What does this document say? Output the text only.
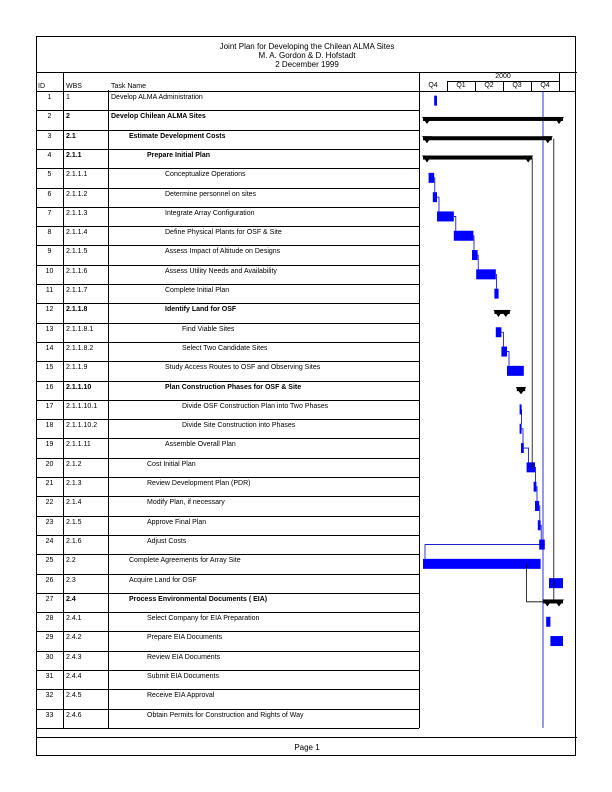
Joint Plan for Developing the Chilean ALMA Sites
M. A. Gordon & D. Hofstadt
2 December 1999
Page 1
ID	WBS	Task Name
2000
Q4	Q1	Q2	Q3	Q4
1	1	Develop ALMA Administration
2	2	Develop Chilean ALMA Sites
3	2.1	Estimate Development Costs
4	2.1.1	Prepare Initial Plan
5	2.1.1.1	Conceptualize Operations
6	2.1.1.2	Determine personnel on sites
7	2.1.1.3	Integrate Array Configuration
8	2.1.1.4	Define Physical Plants for OSF & Site
9	2.1.1.5	Assess Impact of Altitude on Designs
10	2.1.1.6	Assess Utility Needs and Availability
11	2.1.1.7	Complete Initial Plan
12	2.1.1.8	Identify Land for OSF
13	2.1.1.8.1	Find Viable Sites
14	2.1.1.8.2	Select Two Candidate Sites
15	2.1.1.9	Study Access Routes to OSF and Observing Sites
16	2.1.1.10	Plan Construction Phases for OSF & Site
17	2.1.1.10.1	Divide OSF Construction Plan into Two Phases
18	2.1.1.10.2	Divide Site Construction into Phases
19	2.1.1.11	Assemble Overall Plan
20	2.1.2	Cost Initial Plan
21	2.1.3	Review Development Plan (PDR)
22	2.1.4	Modify Plan, if necessary
23	2.1.5	Approve Final Plan
24	2.1.6	Adjust Costs
25	2.2	Complete Agreements for Array Site
26	2.3	Acquire Land for OSF
27	2.4	Process Environmental Documents ( EIA)
28	2.4.1	Select Company for EIA Preparation
29	2.4.2	Prepare EIA Documents
30	2.4.3	Review EIA Documents
31	2.4.4	Submit EIA Documents
32	2.4.5	Receive EIA Approval
33	2.4.6	Obtain Permits for Construction and Rights of Way
